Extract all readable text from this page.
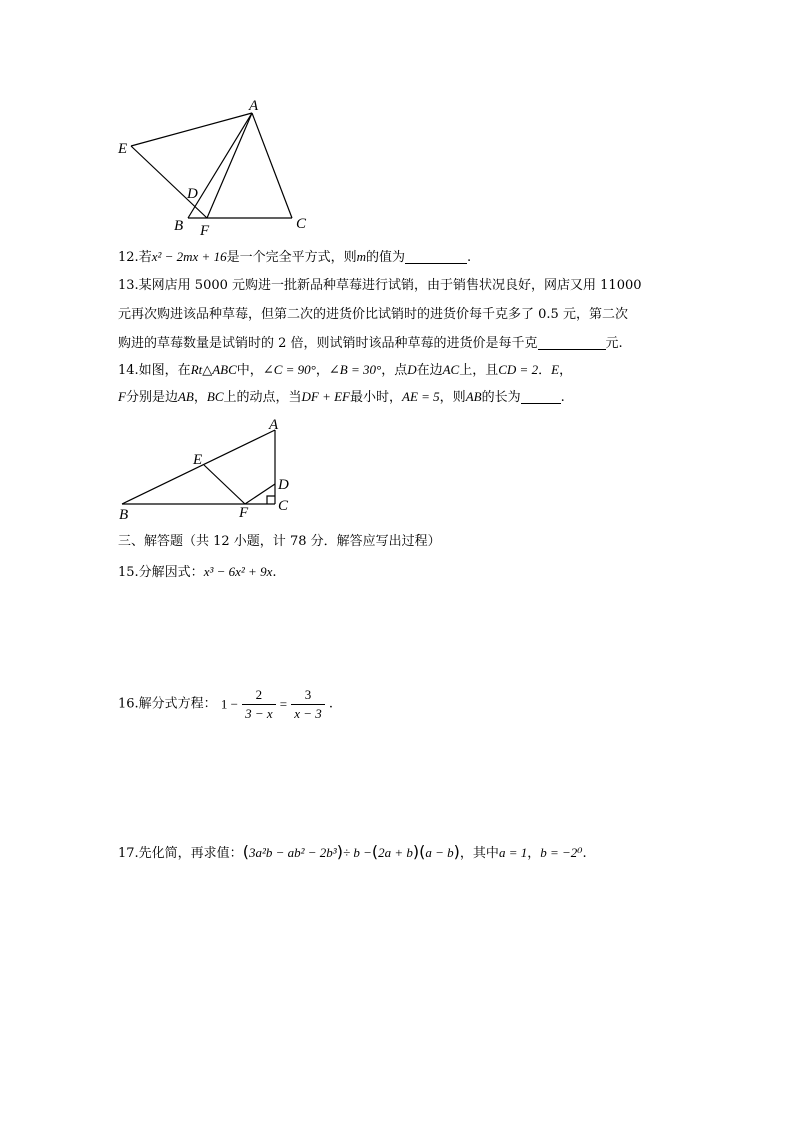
A
E
D
B F	C
12.若x² − 2mx + 16是一个完全平方式，则m的值为	.
13.某网店用 5000 元购进一批新品种草莓进行试销，由于销售状况良好，网店又用 11000
元再次购进该品种草莓，但第二次的进货价比试销时的进货价每千克多了 0.5 元，第二次
购进的草莓数量是试销时的 2 倍，则试销时该品种草莓的进货价是每千克	元.
14.如图，在Rt△ABC中，∠C = 90°，∠B = 30°，点D在边AC上，且CD = 2．E，
F分别是边AB，BC上的动点，当DF + EF最小时，AE = 5，则AB的长为	.
A
E
D
C
B	F
三、解答题（共 12 小题，计 78 分．解答应写出过程）
15.分解因式：x³ − 6x² + 9x.
16.解分式方程： $1 - \frac{2}{3 - x} = \frac{3}{x - 3}$ .
17.先化简，再求值：(3a²b − ab² − 2b³)÷ b −(2a + b)(a − b)，其中a = 1，b = −2⁰.
